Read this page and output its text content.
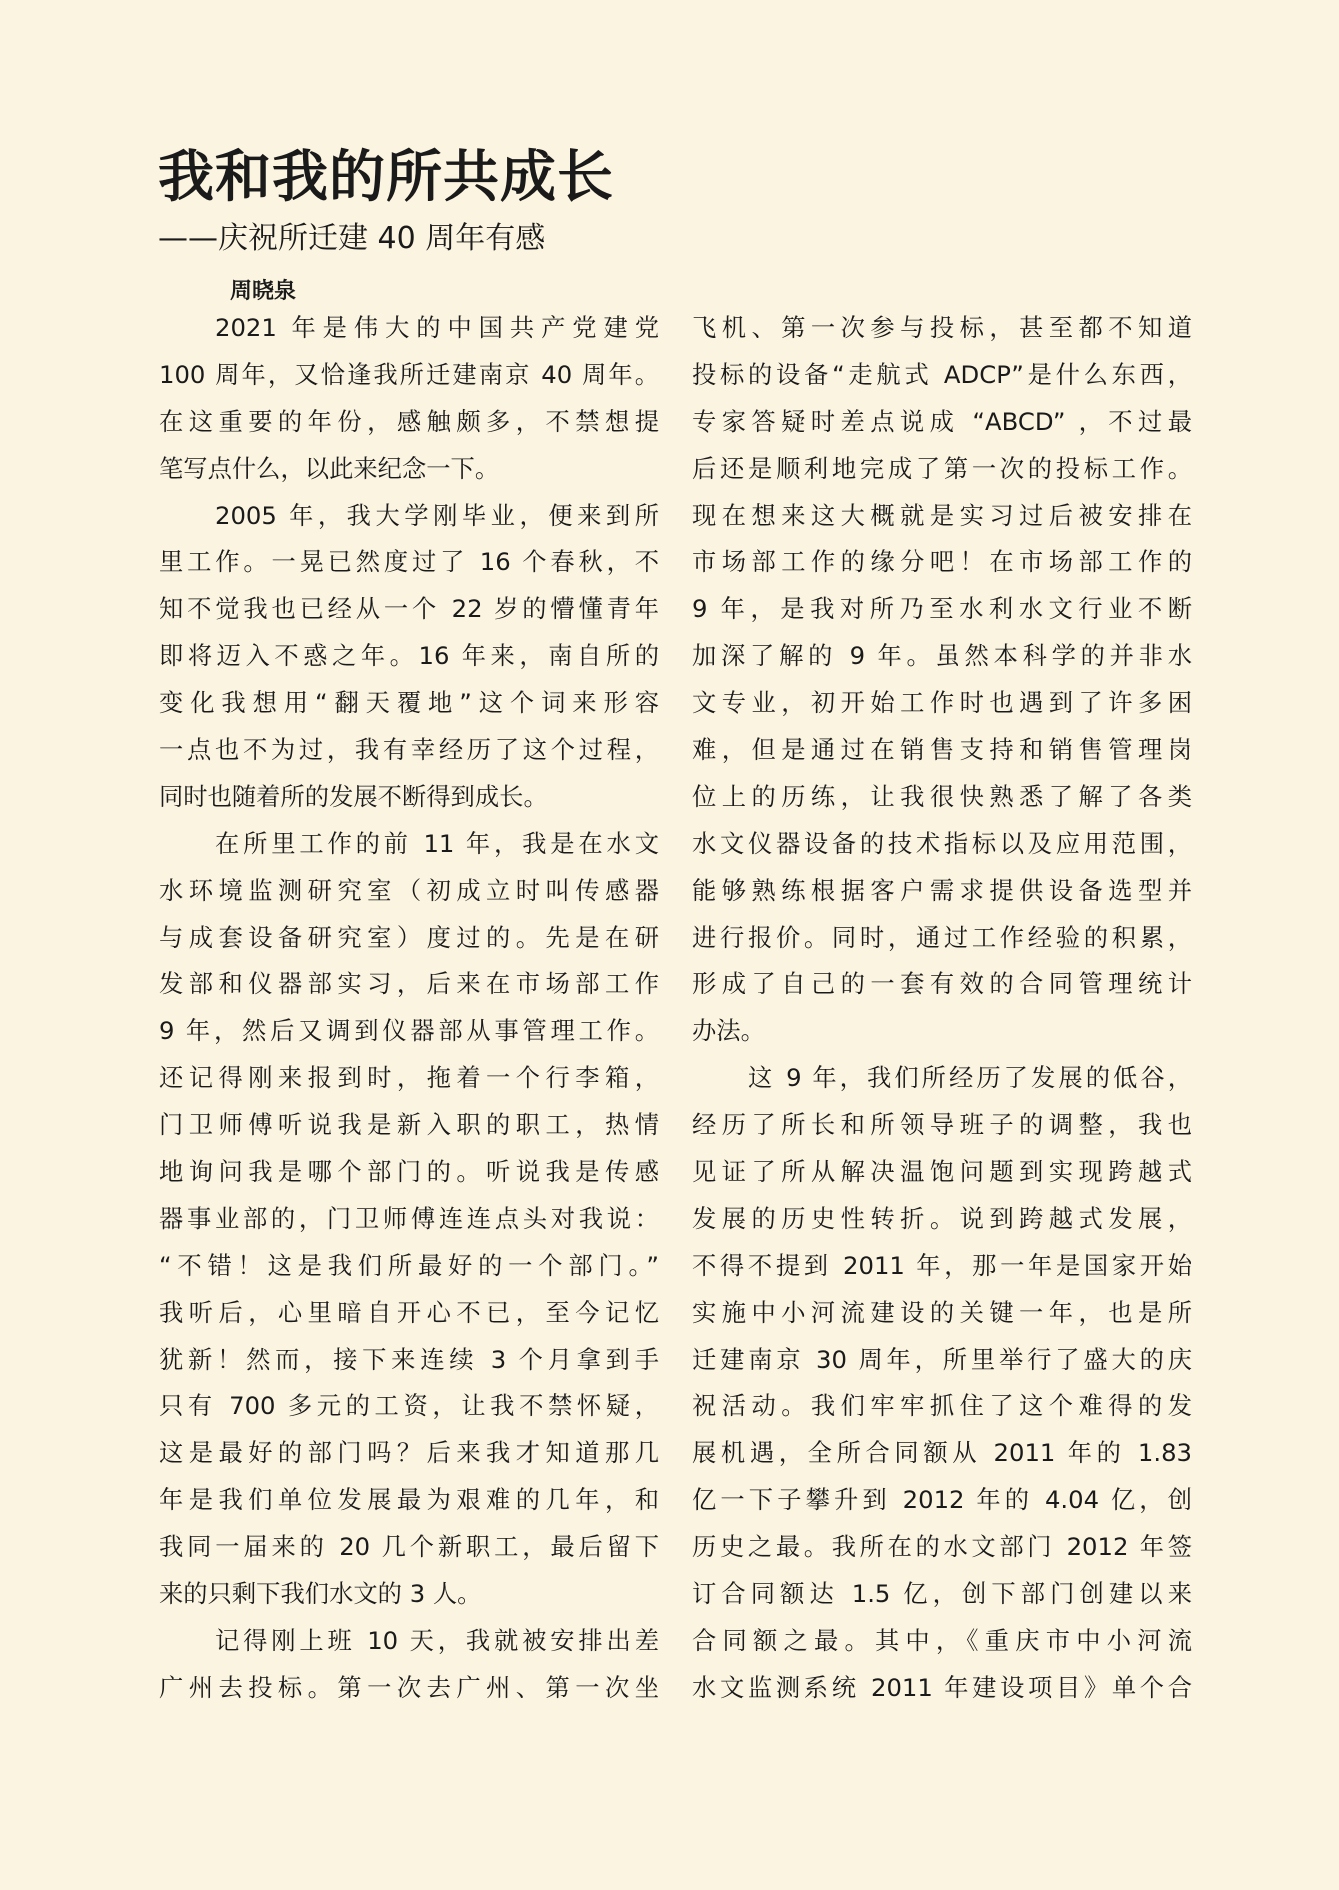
我和我的所共成长
——庆祝所迁建 40 周年有感
周晓泉
2021 年是伟大的中国共产党建党
100 周年，又恰逢我所迁建南京 40 周年。
在这重要的年份，感触颇多，不禁想提
笔写点什么，以此来纪念一下。
2005 年，我大学刚毕业，便来到所
里工作。一晃已然度过了 16 个春秋，不
知不觉我也已经从一个 22 岁的懵懂青年
即将迈入不惑之年。16 年来，南自所的
变化我想用“翻天覆地”这个词来形容
一点也不为过，我有幸经历了这个过程，
同时也随着所的发展不断得到成长。
在所里工作的前 11 年，我是在水文
水环境监测研究室（初成立时叫传感器
与成套设备研究室）度过的。先是在研
发部和仪器部实习，后来在市场部工作
9 年，然后又调到仪器部从事管理工作。
还记得刚来报到时，拖着一个行李箱，
门卫师傅听说我是新入职的职工，热情
地询问我是哪个部门的。听说我是传感
器事业部的，门卫师傅连连点头对我说：
“不错！这是我们所最好的一个部门。”
我听后，心里暗自开心不已，至今记忆
犹新！然而，接下来连续 3 个月拿到手
只有 700 多元的工资，让我不禁怀疑，
这是最好的部门吗？后来我才知道那几
年是我们单位发展最为艰难的几年，和
我同一届来的 20 几个新职工，最后留下
来的只剩下我们水文的 3 人。
记得刚上班 10 天，我就被安排出差
广州去投标。第一次去广州、第一次坐
飞机、第一次参与投标，甚至都不知道
投标的设备“走航式 ADCP”是什么东西，
专家答疑时差点说成 “ABCD” ，不过最
后还是顺利地完成了第一次的投标工作。
现在想来这大概就是实习过后被安排在
市场部工作的缘分吧！在市场部工作的
9 年，是我对所乃至水利水文行业不断
加深了解的 9 年。虽然本科学的并非水
文专业，初开始工作时也遇到了许多困
难，但是通过在销售支持和销售管理岗
位上的历练，让我很快熟悉了解了各类
水文仪器设备的技术指标以及应用范围，
能够熟练根据客户需求提供设备选型并
进行报价。同时，通过工作经验的积累，
形成了自己的一套有效的合同管理统计
办法。
这 9 年，我们所经历了发展的低谷，
经历了所长和所领导班子的调整，我也
见证了所从解决温饱问题到实现跨越式
发展的历史性转折。说到跨越式发展，
不得不提到 2011 年，那一年是国家开始
实施中小河流建设的关键一年，也是所
迁建南京 30 周年，所里举行了盛大的庆
祝活动。我们牢牢抓住了这个难得的发
展机遇，全所合同额从 2011 年的 1.83
亿一下子攀升到 2012 年的 4.04 亿，创
历史之最。我所在的水文部门 2012 年签
订合同额达 1.5 亿，创下部门创建以来
合同额之最。其中，《重庆市中小河流
水文监测系统 2011 年建设项目》单个合
